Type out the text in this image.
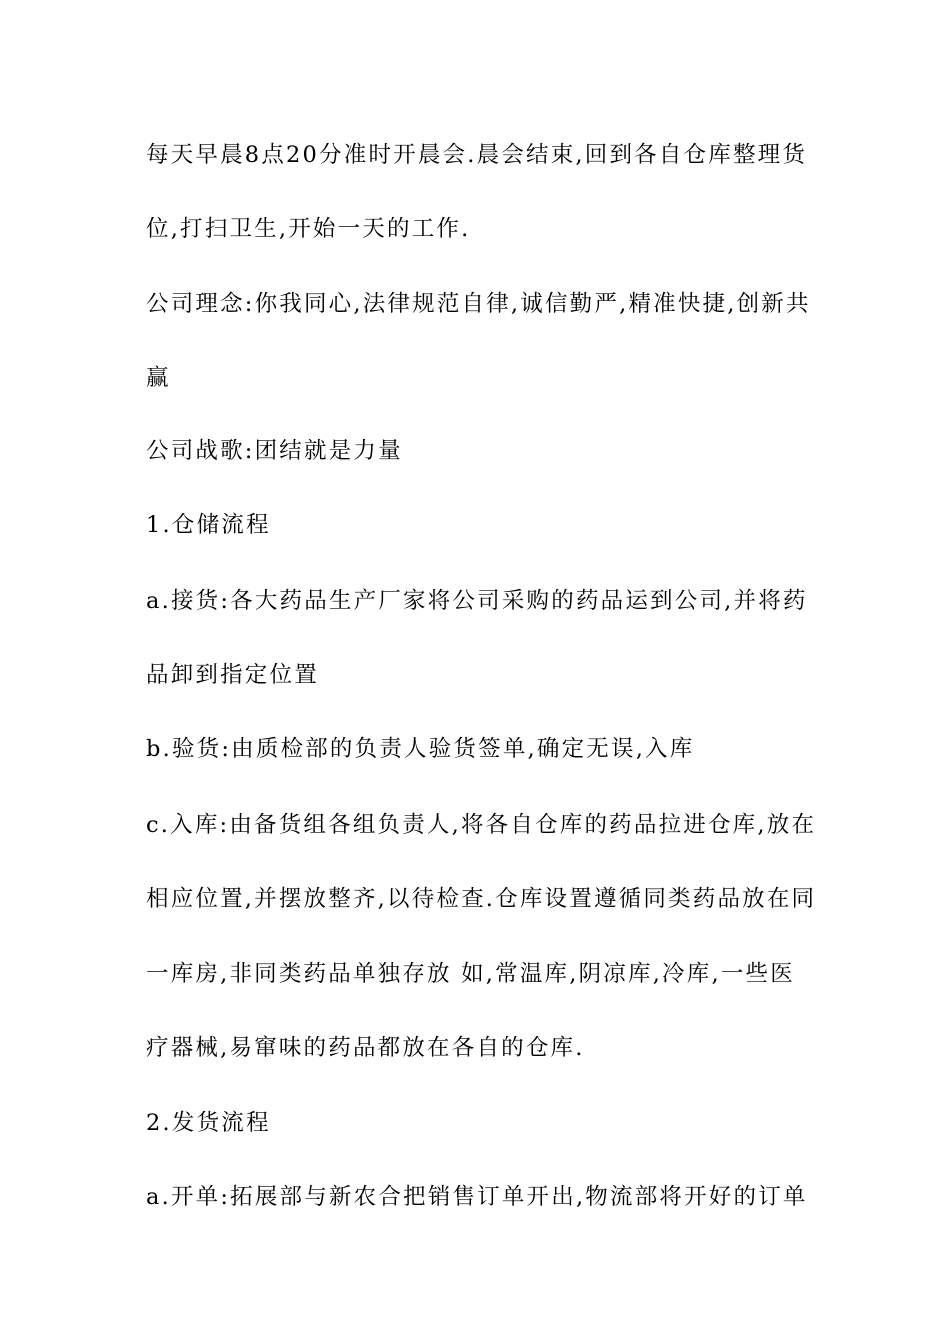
每天早晨8点20分准时开晨会.晨会结束,回到各自仓库整理货
位,打扫卫生,开始一天的工作.
公司理念:你我同心,法律规范自律,诚信勤严,精准快捷,创新共
赢
公司战歌:团结就是力量
1.仓储流程
a.接货:各大药品生产厂家将公司采购的药品运到公司,并将药
品卸到指定位置
b.验货:由质检部的负责人验货签单,确定无误,入库
c.入库:由备货组各组负责人,将各自仓库的药品拉进仓库,放在
相应位置,并摆放整齐,以待检查.仓库设置遵循同类药品放在同
一库房,非同类药品单独存放 如,常温库,阴凉库,冷库,一些医
疗器械,易窜味的药品都放在各自的仓库.
2.发货流程
a.开单:拓展部与新农合把销售订单开出,物流部将开好的订单
